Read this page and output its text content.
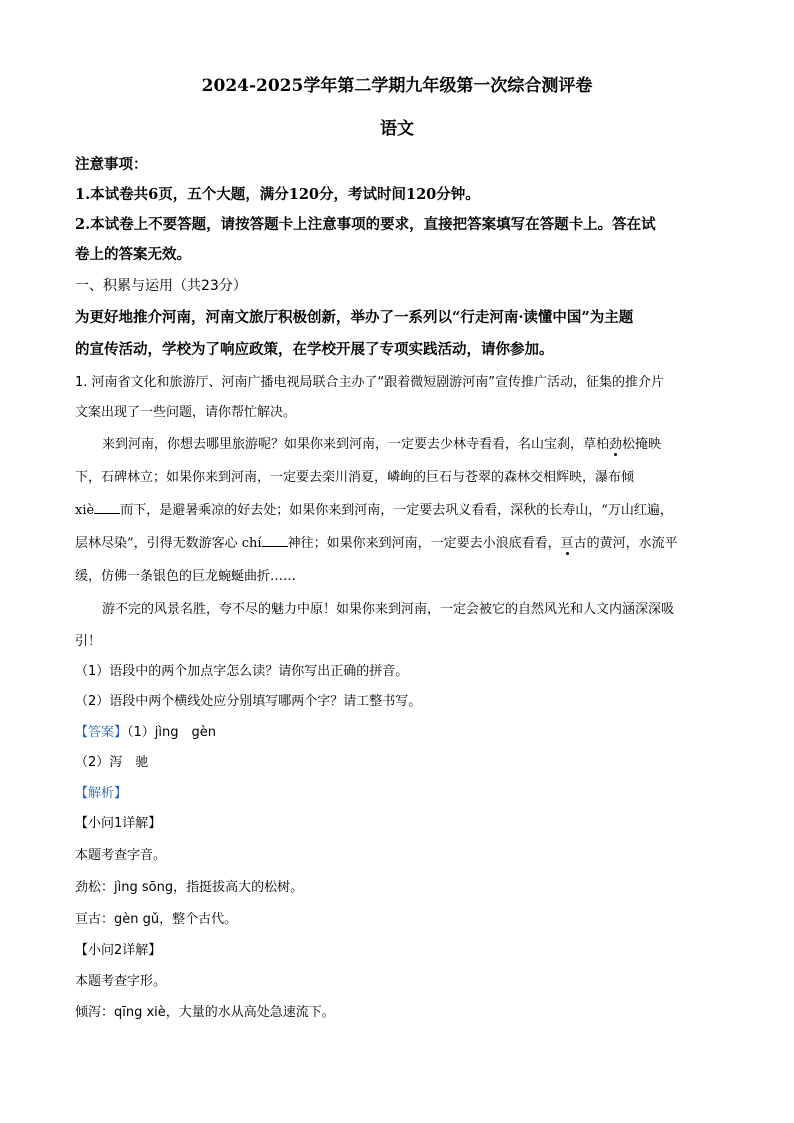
2024-2025学年第二学期九年级第一次综合测评卷
语文
注意事项：
1.本试卷共6页，五个大题，满分120分，考试时间120分钟。
2.本试卷上不要答题，请按答题卡上注意事项的要求，直接把答案填写在答题卡上。答在试
卷上的答案无效。
一、积累与运用（共23分）
为更好地推介河南，河南文旅厅积极创新，举办了一系列以“行走河南·读懂中国”为主题
的宣传活动，学校为了响应政策，在学校开展了专项实践活动，请你参加。
1. 河南省文化和旅游厅、河南广播电视局联合主办了“跟着微短剧游河南”宣传推广活动，征集的推介片
文案出现了一些问题，请你帮忙解决。
来到河南，你想去哪里旅游呢？如果你来到河南，一定要去少林寺看看，名山宝刹，草柏劲松掩映
下，石碑林立；如果你来到河南，一定要去栾川消夏，嶙峋的巨石与苍翠的森林交相辉映，瀑布倾
xiè 而下，是避暑乘凉的好去处；如果你来到河南，一定要去巩义看看，深秋的长寿山，“万山红遍，
层林尽染”，引得无数游客心 chí 神往；如果你来到河南，一定要去小浪底看看，亘古的黄河，水流平
缓，仿佛一条银色的巨龙蜿蜒曲折……
游不完的风景名胜，夸不尽的魅力中原！如果你来到河南，一定会被它的自然风光和人文内涵深深吸
引！
（1）语段中的两个加点字怎么读？请你写出正确的拼音。
（2）语段中两个横线处应分别填写哪两个字？请工整书写。
【答案】（1）jìng　gèn
（2）泻　驰
【解析】
【小问1详解】
本题考查字音。
劲松：jìng sōng，指挺拔高大的松树。
亘古：gèn gǔ，整个古代。
【小问2详解】
本题考查字形。
倾泻：qīng xiè，大量的水从高处急速流下。
